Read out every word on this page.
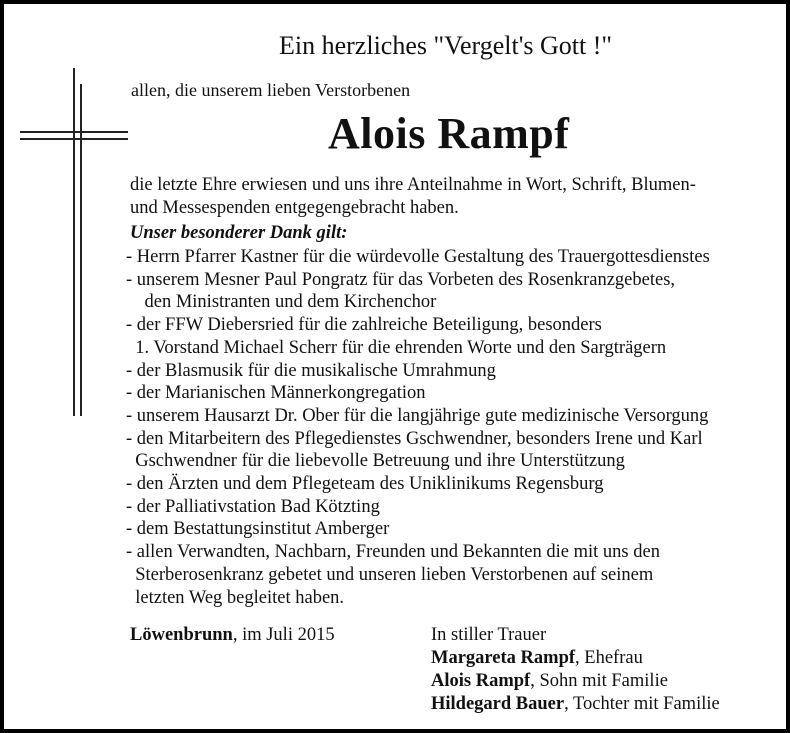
Ein herzliches "Vergelt's Gott !"
allen, die unserem lieben Verstorbenen
Alois Rampf
die letzte Ehre erwiesen und uns ihre Anteilnahme in Wort, Schrift, Blumen-
und Messespenden entgegengebracht haben.
Unser besonderer Dank gilt:
- Herrn Pfarrer Kastner für die würdevolle Gestaltung des Trauergottesdienstes
- unserem Mesner Paul Pongratz für das Vorbeten des Rosenkranzgebetes,
den Ministranten und dem Kirchenchor
- der FFW Diebersried für die zahlreiche Beteiligung, besonders
1. Vorstand Michael Scherr für die ehrenden Worte und den Sargträgern
- der Blasmusik für die musikalische Umrahmung
- der Marianischen Männerkongregation
- unserem Hausarzt Dr. Ober für die langjährige gute medizinische Versorgung
- den Mitarbeitern des Pflegedienstes Gschwendner, besonders Irene und Karl
Gschwendner für die liebevolle Betreuung und ihre Unterstützung
- den Ärzten und dem Pflegeteam des Uniklinikums Regensburg
- der Palliativstation Bad Kötzting
- dem Bestattungsinstitut Amberger
- allen Verwandten, Nachbarn, Freunden und Bekannten die mit uns den
Sterberosenkranz gebetet und unseren lieben Verstorbenen auf seinem
letzten Weg begleitet haben.
Löwenbrunn, im Juli 2015	In stiller Trauer
Margareta Rampf, Ehefrau
Alois Rampf, Sohn mit Familie
Hildegard Bauer, Tochter mit Familie
